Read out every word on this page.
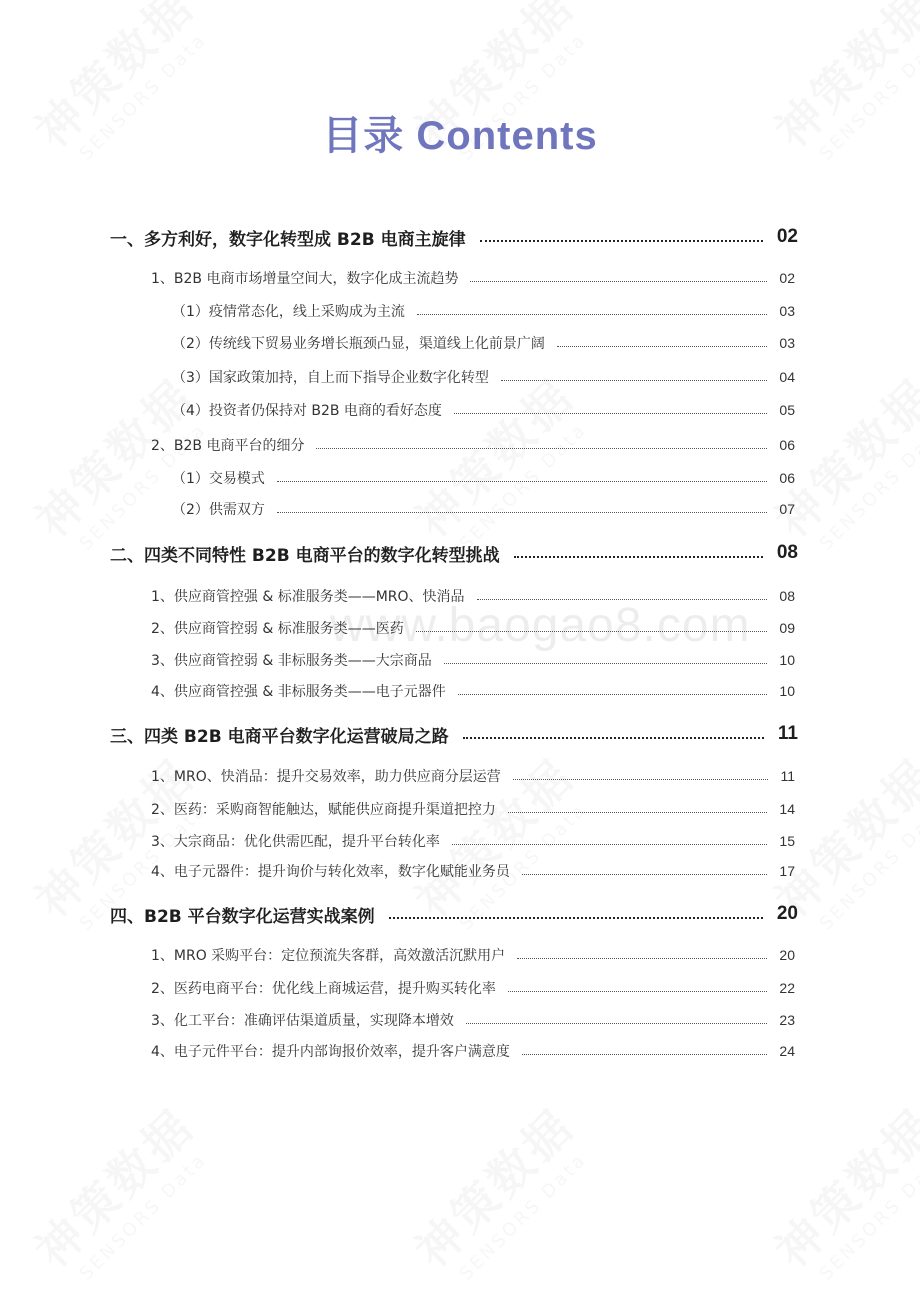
www.baogao8.com
目录 Contents
一、多方利好，数字化转型成 B2B 电商主旋律	02
1、B2B 电商市场增量空间大，数字化成主流趋势	02
（1）疫情常态化，线上采购成为主流	03
（2）传统线下贸易业务增长瓶颈凸显，渠道线上化前景广阔	03
（3）国家政策加持，自上而下指导企业数字化转型	04
（4）投资者仍保持对 B2B 电商的看好态度	05
2、B2B 电商平台的细分	06
（1）交易模式	06
（2）供需双方	07
二、四类不同特性 B2B 电商平台的数字化转型挑战	08
1、供应商管控强 & 标准服务类——MRO、快消品	08
2、供应商管控弱 & 标准服务类——医药	09
3、供应商管控弱 & 非标服务类——大宗商品	10
4、供应商管控强 & 非标服务类——电子元器件	10
三、四类 B2B 电商平台数字化运营破局之路	11
1、MRO、快消品：提升交易效率，助力供应商分层运营	11
2、医药：采购商智能触达，赋能供应商提升渠道把控力	14
3、大宗商品：优化供需匹配，提升平台转化率	15
4、电子元器件：提升询价与转化效率，数字化赋能业务员	17
四、B2B 平台数字化运营实战案例	20
1、MRO 采购平台：定位预流失客群，高效激活沉默用户	20
2、医药电商平台：优化线上商城运营，提升购买转化率	22
3、化工平台：准确评估渠道质量，实现降本增效	23
4、电子元件平台：提升内部询报价效率，提升客户满意度	24
